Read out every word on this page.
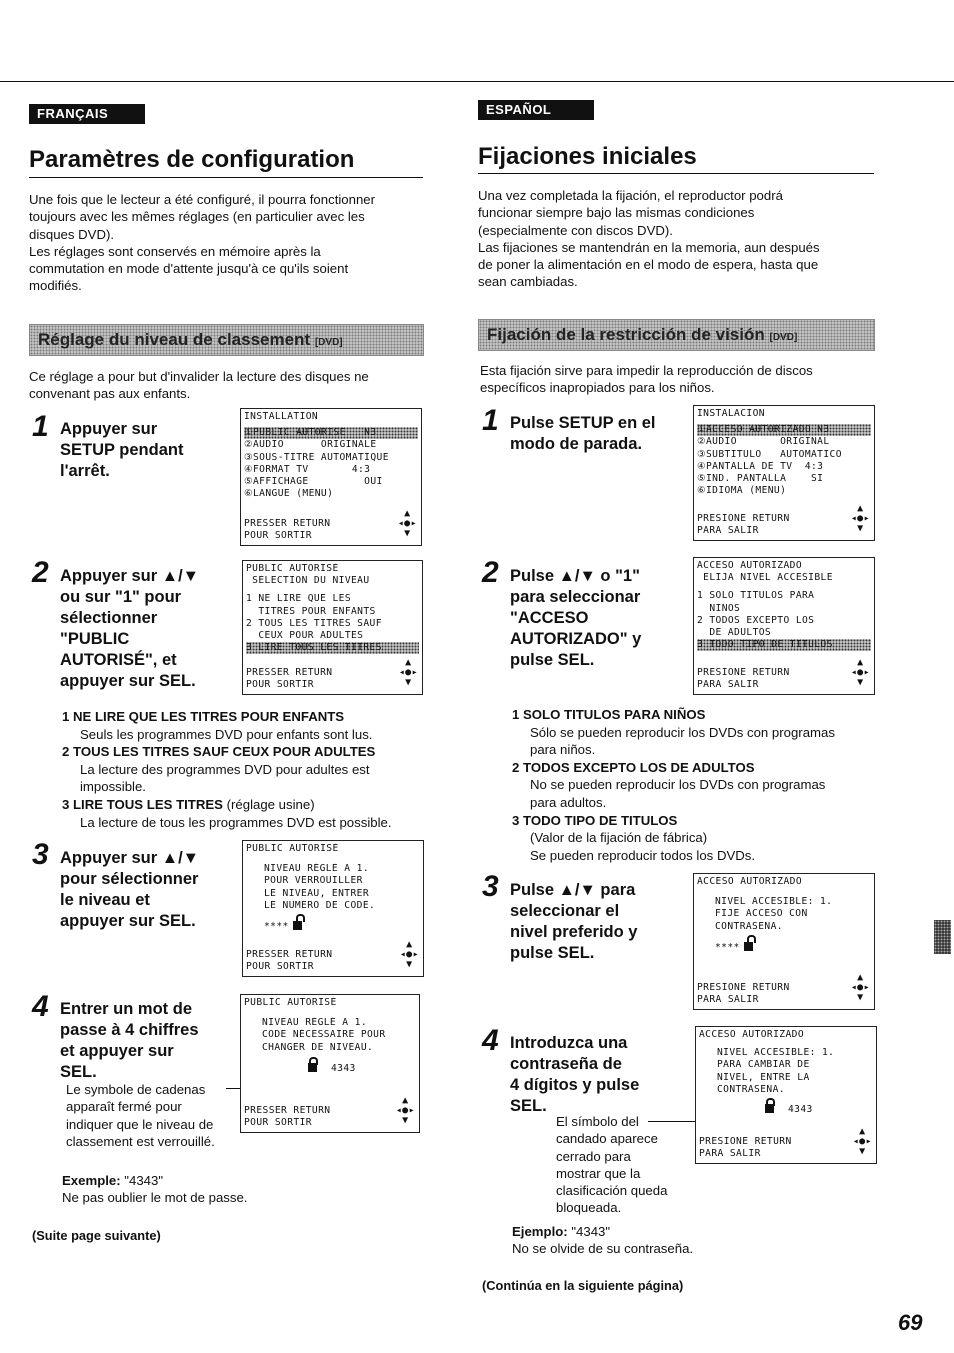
FRANÇAIS
Paramètres de configuration

Une fois que le lecteur a été configuré, il pourra fonctionner

toujours avec les mêmes réglages (en particulier avec les

disques DVD).

Les réglages sont conservés en mémoire après la

commutation en mode d'attente jusqu'à ce qu'ils soient

modifiés.

Réglage du niveau de classement [DVD]

Ce réglage a pour but d'invalider la lecture des disques ne

convenant pas aux enfants.

1 Appuyer sur
SETUP pendant
l'arrêt.
INSTALLATION
①PUBLIC AUTORISÉ   N3
②AUDIO      ORIGINALE
③SOUS-TITRE AUTOMATIQUE
④FORMAT TV       4:3
⑤AFFICHAGE         OUI
⑥LANGUE (MENU)
PRESSER RETURN
POUR SORTIR
▲
◂●▸
▼
2 Appuyer sur ▲/▼
ou sur "1" pour
sélectionner
"PUBLIC
AUTORISÉ", et
appuyer sur SEL.
PUBLIC AUTORISÉ
SÉLECTION DU NIVEAU
1 NE LIRE QUE LES
TITRES POUR ENFANTS
2 TOUS LES TITRES SAUF
CEUX POUR ADULTES
3 LIRE TOUS LES TITRES
PRESSER RETURN
POUR SORTIR
▲
◂●▸
▼
1 NE LIRE QUE LES TITRES POUR ENFANTS
Seuls les programmes DVD pour enfants sont lus.
2 TOUS LES TITRES SAUF CEUX POUR ADULTES
La lecture des programmes DVD pour adultes est
impossible.
3 LIRE TOUS LES TITRES (réglage usine)
La lecture de tous les programmes DVD est possible.
3 Appuyer sur ▲/▼
pour sélectionner
le niveau et
appuyer sur SEL.
PUBLIC AUTORISÉ
NIVEAU RÉGLÉ A 1.
POUR VERROUILLER
LE NIVEAU, ENTRER
LE NUMÉRO DE CODE.
****
PRESSER RETURN
POUR SORTIR
▲
◂●▸
▼
4 Entrer un mot de
passe à 4 chiffres
et appuyer sur
SEL.

Le symbole de cadenas

apparaît fermé pour

indiquer que le niveau de

classement est verrouillé.

PUBLIC AUTORISÉ
NIVEAU RÉGLÉ A 1.
CODE NÉCESSAIRE POUR
CHANGER DE NIVEAU.
4343
PRESSER RETURN
POUR SORTIR
▲
◂●▸
▼

Exemple: "4343"

Ne pas oublier le mot de passe.

(Suite page suivante)
ESPAÑOL
Fijaciones iniciales

Una vez completada la fijación, el reproductor podrá

funcionar siempre bajo las mismas condiciones

(especialmente con discos DVD).

Las fijaciones se mantendrán en la memoria, aun después

de poner la alimentación en el modo de espera, hasta que

sean cambiadas.

Fijación de la restricción de visión [DVD]

Esta fijación sirve para impedir la reproducción de discos

específicos inapropiados para los niños.

1 Pulse SETUP en el
modo de parada.
INSTALACION
①ACCESO AUTORIZADO N3
②AUDIO       ORIGINAL
③SUBTITULO   AUTOMATICO
④PANTALLA DE TV  4:3
⑤IND. PANTALLA    SI
⑥IDIOMA (MENU)
PRESIONE RETURN
PARA SALIR
▲
◂●▸
▼
2 Pulse ▲/▼ o "1"
para seleccionar
"ACCESO
AUTORIZADO" y
pulse SEL.
ACCESO AUTORIZADO
ELIJA NIVEL ACCESIBLE
1 SOLO TITULOS PARA
NIÑOS
2 TODOS EXCEPTO LOS
DE ADULTOS
3 TODO TIPO DE TITULOS
PRESIONE RETURN
PARA SALIR
▲
◂●▸
▼
1 SOLO TITULOS PARA NIÑOS
Sólo se pueden reproducir los DVDs con programas
para niños.
2 TODOS EXCEPTO LOS DE ADULTOS
No se pueden reproducir los DVDs con programas
para adultos.
3 TODO TIPO DE TITULOS
(Valor de la fijación de fábrica)
Se pueden reproducir todos los DVDs.
3 Pulse ▲/▼ para
seleccionar el
nivel preferido y
pulse SEL.
ACCESO AUTORIZADO
NIVEL ACCESIBLE: 1.
FIJE ACCESO CON
CONTRASEÑA.
****
PRESIONE RETURN
PARA SALIR
▲
◂●▸
▼
4 Introduzca una
contraseña de
4 dígitos y pulse
SEL.

El símbolo del

candado aparece

cerrado para

mostrar que la

clasificación queda

bloqueada.

ACCESO AUTORIZADO
NIVEL ACCESIBLE: 1.
PARA CAMBIAR DE
NIVEL, ENTRE LA
CONTRASEÑA.
4343
PRESIONE RETURN
PARA SALIR
▲
◂●▸
▼

Ejemplo: "4343"

No se olvide de su contraseña.

(Continúa en la siguiente página)
69
